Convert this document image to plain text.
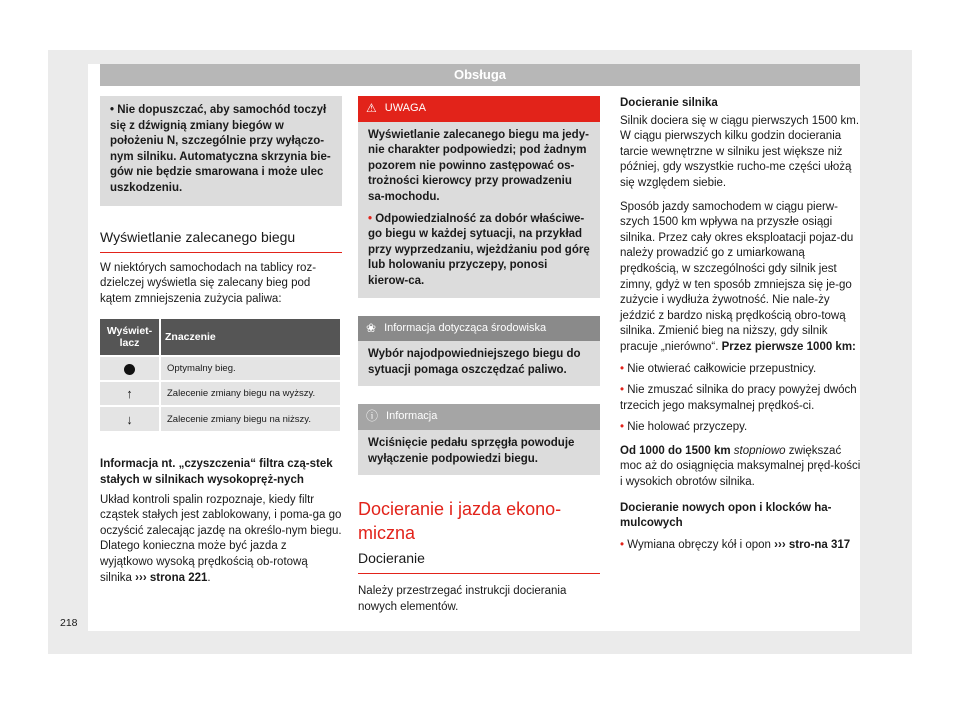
Obsługa
• Nie dopuszczać, aby samochód toczył się z dźwignią zmiany biegów w położeniu N, szczególnie przy wyłączo-nym silniku. Automatyczna skrzynia bie-gów nie będzie smarowana i może ulec uszkodzeniu.
Wyświetlanie zalecanego biegu

W niektórych samochodach na tablicy roz-dzielczej wyświetla się zalecany bieg pod kątem zmniejszenia zużycia paliwa:

Wyświet-lacz	Znaczenie
	Optymalny bieg.
↑	Zalecenie zmiany biegu na wyższy.
↓	Zalecenie zmiany biegu na niższy.

Informacja nt. „czyszczenia“ filtra czą-stek stałych w silnikach wysokopręż-nych

Układ kontroli spalin rozpoznaje, kiedy filtr cząstek stałych jest zablokowany, i poma-ga go oczyścić zalecając jazdę na określo-nym biegu. Dlatego konieczna może być jazda z wyjątkowo wysoką prędkością ob-rotową silnika ››› strona 221.

⚠ UWAGA
Wyświetlanie zalecanego biegu ma jedy-nie charakter podpowiedzi; pod żadnym pozorem nie powinno zastępować os-trożności kierowcy przy prowadzeniu sa-mochodu.
• Odpowiedzialność za dobór właściwe-go biegu w każdej sytuacji, na przykład przy wyprzedzaniu, wjeżdżaniu pod górę lub holowaniu przyczepy, ponosi kierow-ca.
❀ Informacja dotycząca środowiska
Wybór najodpowiedniejszego biegu do sytuacji pomaga oszczędzać paliwo.
ⓘ Informacja
Wciśnięcie pedału sprzęgła powoduje wyłączenie podpowiedzi biegu.
Docieranie i jazda ekono-miczna
Docieranie

Należy przestrzegać instrukcji docierania nowych elementów.

Docieranie silnika
Silnik dociera się w ciągu pierwszych 1500 km. W ciągu pierwszych kilku godzin docierania tarcie wewnętrzne w silniku jest większe niż później, gdy wszystkie rucho-me części ułożą się względem siebie.

Sposób jazdy samochodem w ciągu pierw-szych 1500 km wpływa na przyszłe osiągi silnika. Przez cały okres eksploatacji pojaz-du należy prowadzić go z umiarkowaną prędkością, w szczególności gdy silnik jest zimny, gdyż w ten sposób zmniejsza się je-go zużycie i wydłuża żywotność. Nie nale-ży jeździć z bardzo niską prędkością obro-tową silnika. Zmienić bieg na niższy, gdy silnik pracuje „nierówno“. Przez pierwsze 1000 km:

• Nie otwierać całkowicie przepustnicy.
• Nie zmuszać silnika do pracy powyżej dwóch trzecich jego maksymalnej prędkoś-ci.
• Nie holować przyczepy.

Od 1000 do 1500 km stopniowo zwiększać moc aż do osiągnięcia maksymalnej pręd-kości i wysokich obrotów silnika.

Docieranie nowych opon i klocków ha-mulcowych

• Wymiana obręczy kół i opon ››› stro-na 317
218
